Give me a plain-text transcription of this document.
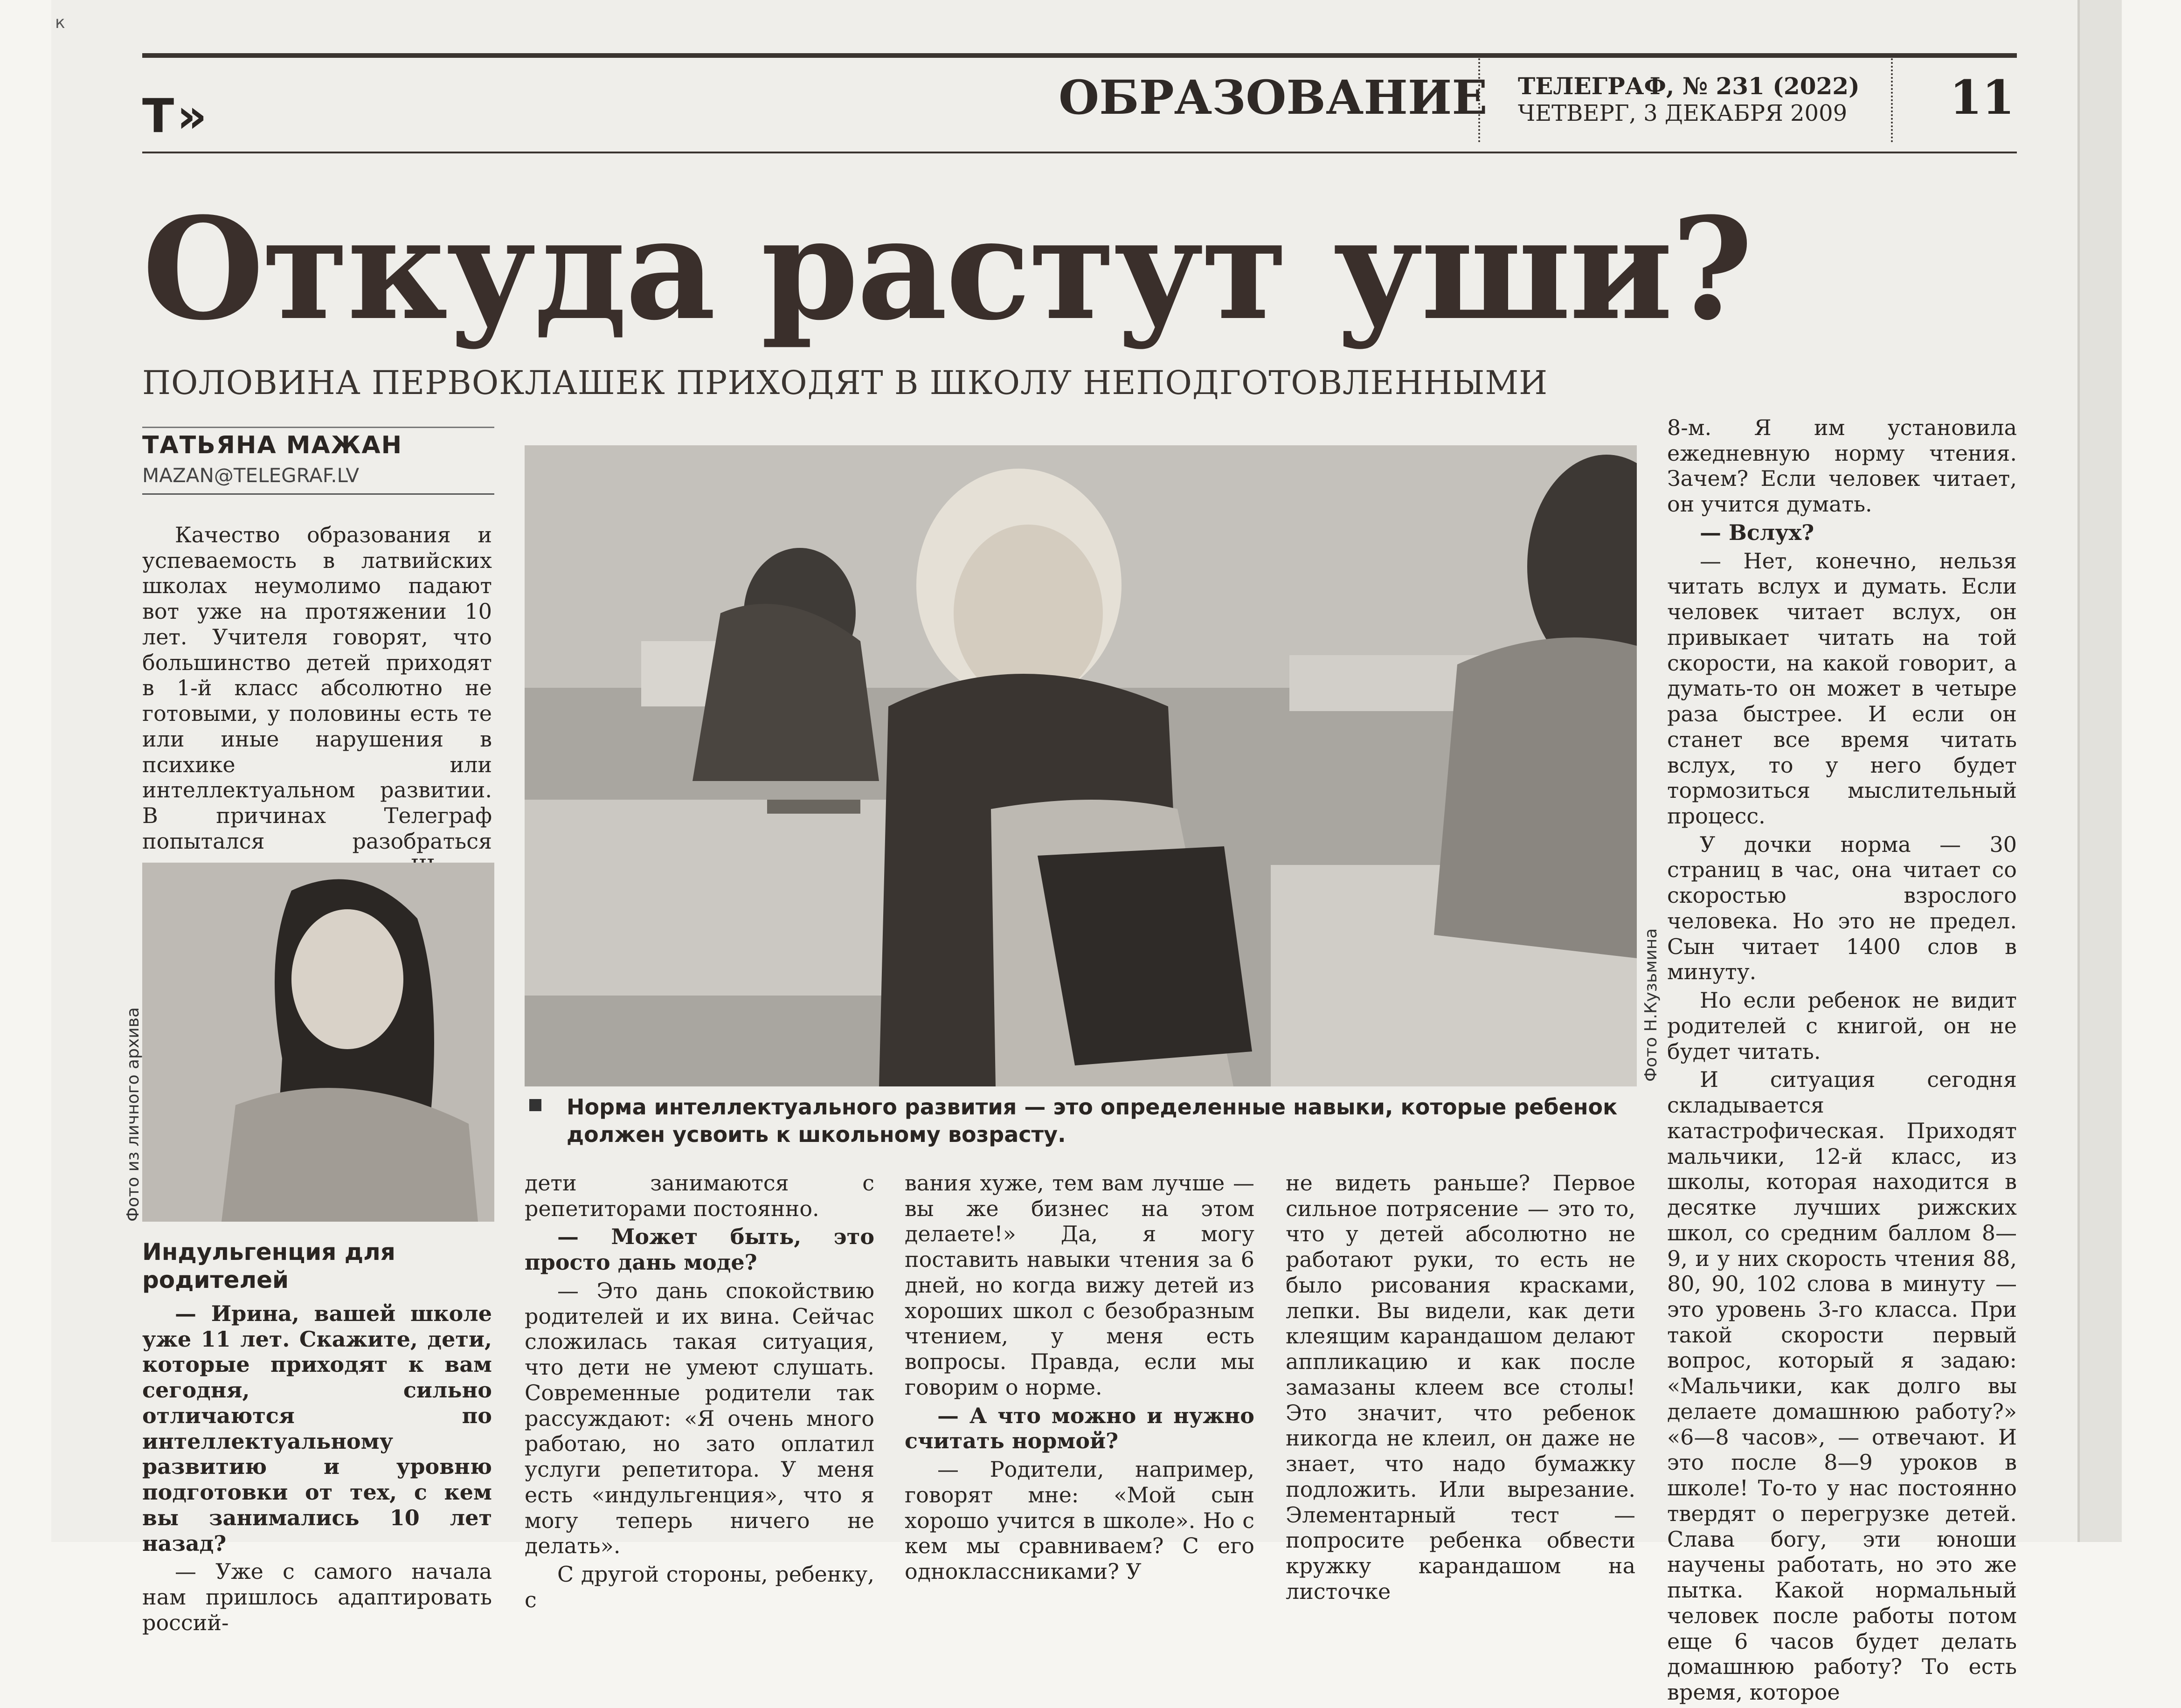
к
T»	ОБРАЗОВАНИЕ ТЕЛЕГРАФ, № 231 (2022)
ЧЕТВЕРГ, 3 ДЕКАБРЯ 2009 11
Откуда растут уши?
ПОЛОВИНА ПЕРВОКЛАШЕК ПРИХОДЯТ В ШКОЛУ НЕПОДГОТОВЛЕННЫМИ
ТАТЬЯНА МАЖАН
MAZAN@TELEGRAF.LV

Качество образования и успеваемость в латвийских школах неумолимо падают вот уже на протяжении 10 лет. Учителя говорят, что большинство детей приходят в 1-й класс абсолютно не готовыми, у половины есть те или иные нарушения в психике или интеллектуальном развитии. В причинах Телеграф попытался разобраться

Фото Н.Кузьмина
Норма интеллектуального развития — это определенные навыки, которые ребенок должен усвоить к школьному возрасту.
Фото из личного архива
Индульгенция для родителей

— Ирина, вашей школе уже 11 лет. Скажите, дети, которые приходят к вам сегодня, сильно отличаются по интеллектуальному развитию и уровню подготовки от тех, с кем вы занимались 10 лет назад?

— Уже с самого начала нам пришлось адаптировать россий-

дети занимаются с репетиторами постоянно.

— Может быть, это просто дань моде?

— Это дань спокойствию родителей и их вина. Сейчас сложилась такая ситуация, что дети не умеют слушать. Современные родители так рассуждают: «Я очень много работаю, но зато оплатил услуги репетитора. У меня есть «индульгенция», что я могу теперь ничего не делать».

С другой стороны, ребенку, с

вания хуже, тем вам лучше — вы же бизнес на этом делаете!» Да, я могу поставить навыки чтения за 6 дней, но когда вижу детей из хороших школ с безобразным чтением, у меня есть вопросы. Правда, если мы говорим о норме.

— А что можно и нужно считать нормой?

— Родители, например, говорят мне: «Мой сын хорошо учится в школе». Но с кем мы сравниваем? С его одноклассниками? У

не видеть раньше? Первое сильное потрясение — это то, что у детей абсолютно не работают руки, то есть не было рисования красками, лепки. Вы видели, как дети клеящим карандашом делают аппликацию и как после замазаны клеем все столы! Это значит, что ребенок никогда не клеил, он даже не знает, что надо бумажку подложить. Или вырезание. Элементарный тест — попросите ребенка обвести кружку карандашом на листочке

8-м. Я им установила ежедневную норму чтения. Зачем? Если человек читает, он учится думать.

— Вслух?

— Нет, конечно, нельзя читать вслух и думать. Если человек читает вслух, он привыкает читать на той скорости, на какой говорит, а думать-то он может в четыре раза быстрее. И если он станет все время читать вслух, то у него будет тормозиться мыслительный процесс.

У дочки норма — 30 страниц в час, она читает со скоростью взрослого человека. Но это не предел. Сын читает 1400 слов в минуту.

Но если ребенок не видит родителей с книгой, он не будет читать.

И ситуация сегодня складывается катастрофическая. Приходят мальчики, 12-й класс, из школы, которая находится в десятке лучших рижских школ, со средним баллом 8—9, и у них скорость чтения 88, 80, 90, 102 слова в минуту — это уровень 3-го класса. При такой скорости первый вопрос, который я задаю: «Мальчики, как долго вы делаете домашнюю работу?» «6—8 часов», — отвечают. И это после 8—9 уроков в школе! То-то у нас постоянно твердят о перегрузке детей. Слава богу, эти юноши научены работать, но это же пытка. Какой нормальный человек после работы потом еще 6 часов будет делать домашнюю работу? То есть время, которое
